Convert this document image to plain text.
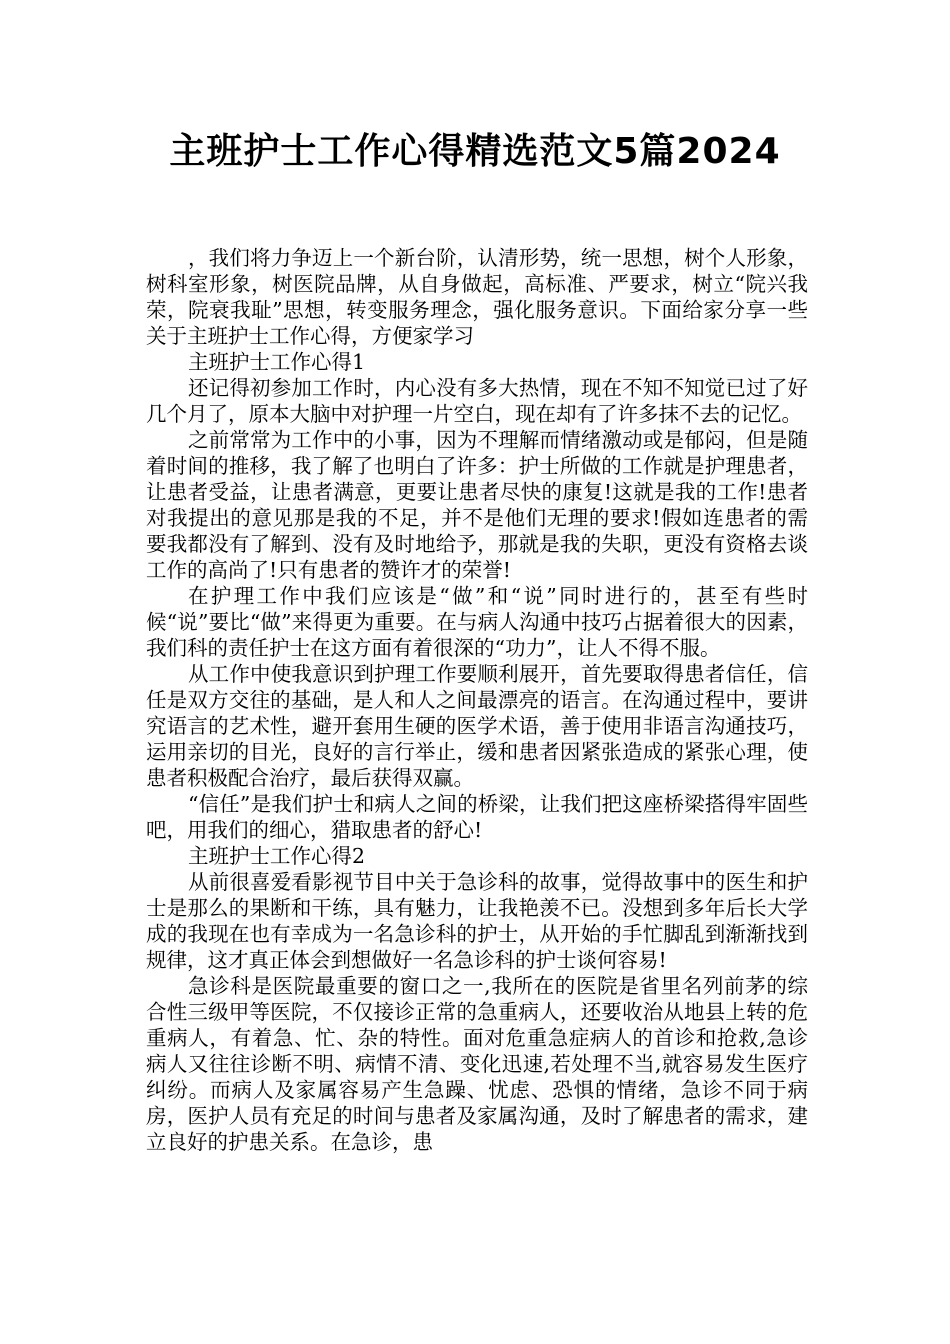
主班护士工作心得精选范文5篇2024

，我们将力争迈上一个新台阶，认清形势，统一思想，树个人形象，树科室形象，树医院品牌，从自身做起，高标准、严要求，树立“院兴我荣，院衰我耻”思想，转变服务理念，强化服务意识。下面给家分享一些关于主班护士工作心得，方便家学习

主班护士工作心得1

还记得初参加工作时，内心没有多大热情，现在不知不知觉已过了好几个月了，原本大脑中对护理一片空白，现在却有了许多抹不去的记忆。

之前常常为工作中的小事，因为不理解而情绪激动或是郁闷，但是随着时间的推移，我了解了也明白了许多：护士所做的工作就是护理患者，让患者受益，让患者满意，更要让患者尽快的康复!这就是我的工作!患者对我提出的意见那是我的不足，并不是他们无理的要求!假如连患者的需要我都没有了解到、没有及时地给予，那就是我的失职，更没有资格去谈工作的高尚了!只有患者的赞许才的荣誉!

在护理工作中我们应该是“做”和“说”同时进行的，甚至有些时候“说”要比“做”来得更为重要。在与病人沟通中技巧占据着很大的因素，我们科的责任护士在这方面有着很深的“功力”，让人不得不服。

从工作中使我意识到护理工作要顺利展开，首先要取得患者信任，信任是双方交往的基础，是人和人之间最漂亮的语言。在沟通过程中，要讲究语言的艺术性，避开套用生硬的医学术语，善于使用非语言沟通技巧，运用亲切的目光，良好的言行举止，缓和患者因紧张造成的紧张心理，使患者积极配合治疗，最后获得双赢。

“信任”是我们护士和病人之间的桥梁，让我们把这座桥梁搭得牢固些吧，用我们的细心，猎取患者的舒心!

主班护士工作心得2

从前很喜爱看影视节目中关于急诊科的故事，觉得故事中的医生和护士是那么的果断和干练，具有魅力，让我艳羡不已。没想到多年后长大学成的我现在也有幸成为一名急诊科的护士，从开始的手忙脚乱到渐渐找到规律，这才真正体会到想做好一名急诊科的护士谈何容易!

急诊科是医院最重要的窗口之一,我所在的医院是省里名列前茅的综合性三级甲等医院，不仅接诊正常的急重病人，还要收治从地县上转的危重病人，有着急、忙、杂的特性。面对危重急症病人的首诊和抢救,急诊病人又往往诊断不明、病情不清、变化迅速,若处理不当,就容易发生医疗纠纷。而病人及家属容易产生急躁、忧虑、恐惧的情绪，急诊不同于病房，医护人员有充足的时间与患者及家属沟通，及时了解患者的需求，建立良好的护患关系。在急诊，患
